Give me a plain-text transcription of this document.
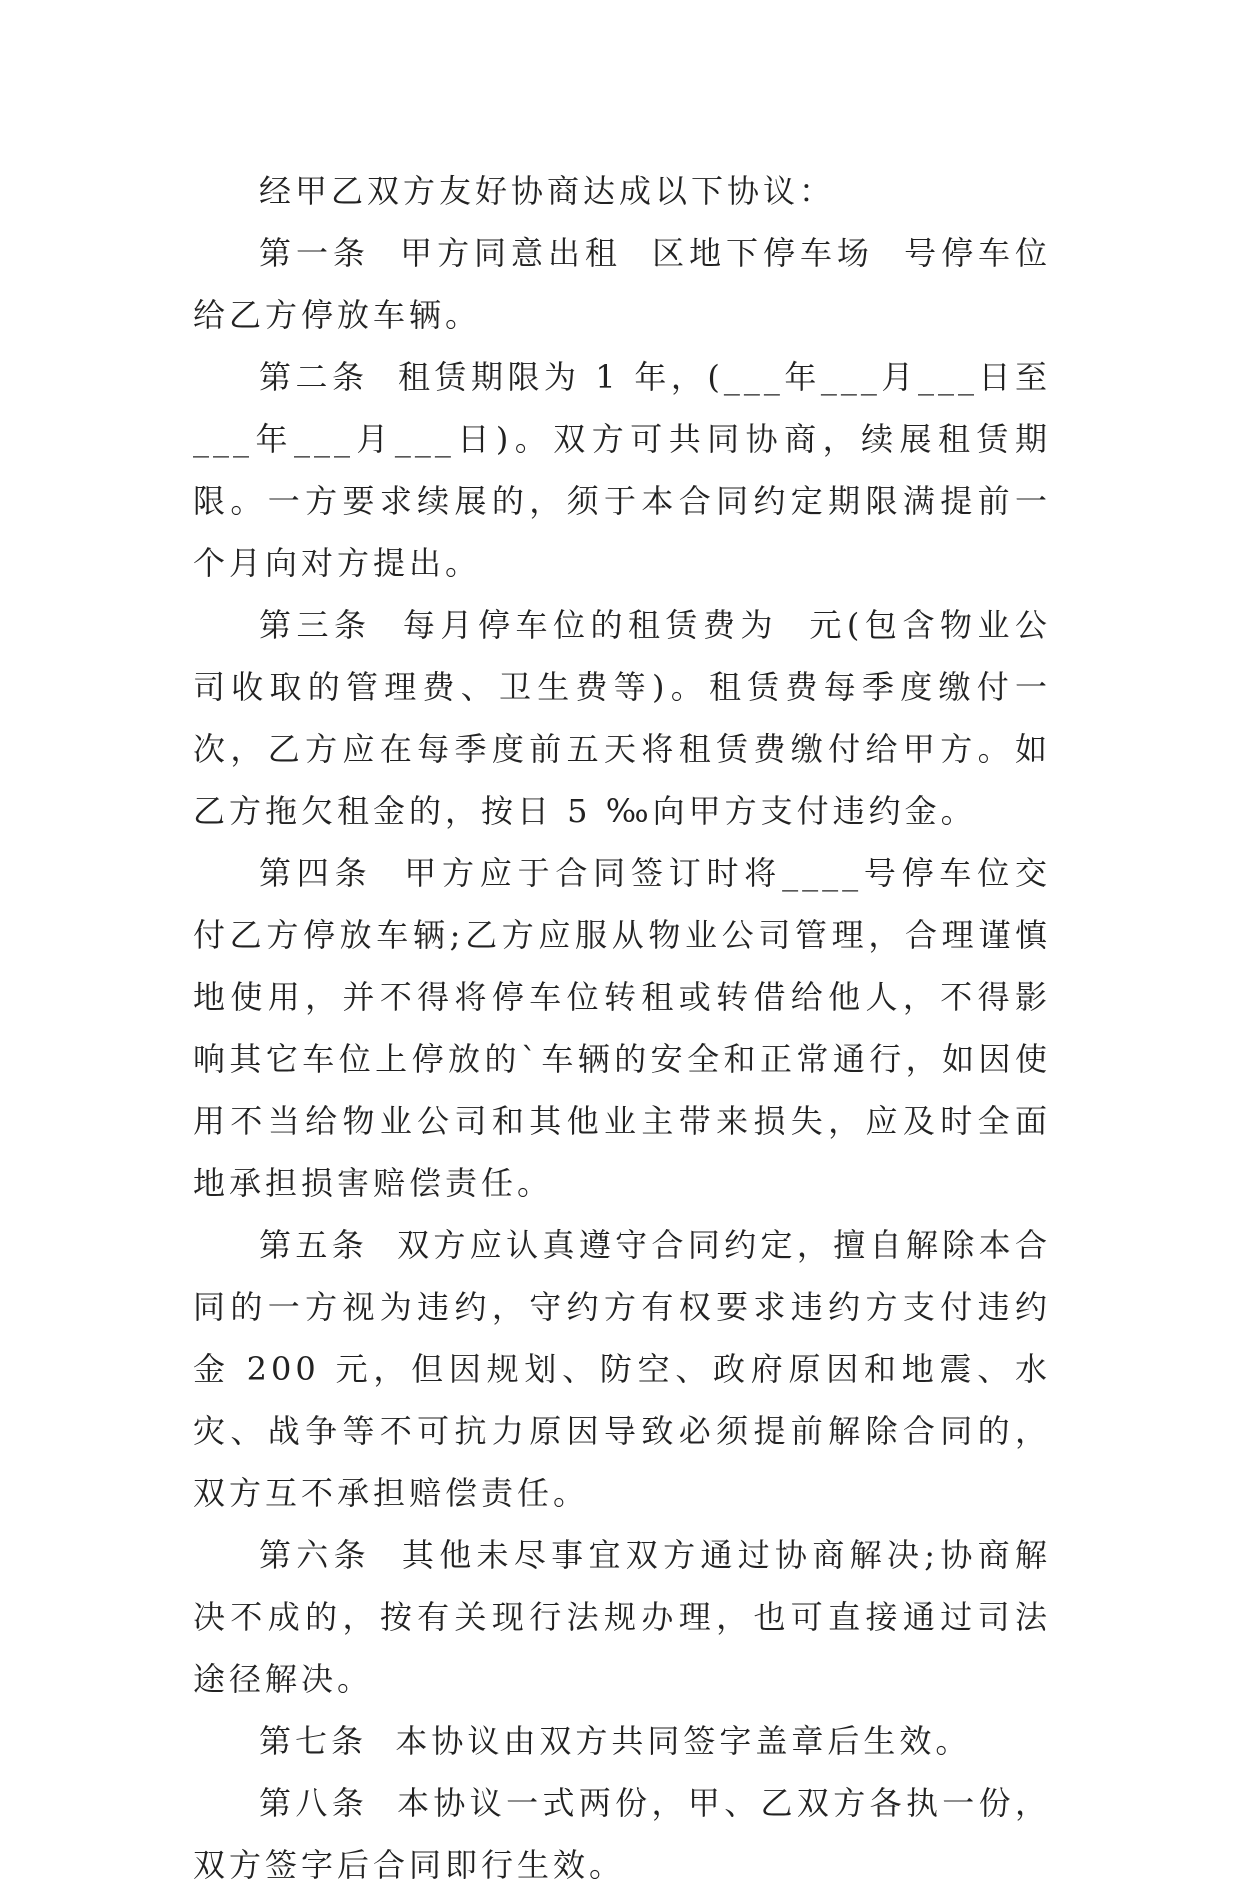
经甲乙双方友好协商达成以下协议：

第一条  甲方同意出租  区地下停车场  号停车位给乙方停放车辆。

第二条  租赁期限为 1 年，(___年___月___日至___年___月___日)。双方可共同协商，续展租赁期限。一方要求续展的，须于本合同约定期限满提前一个月向对方提出。

第三条  每月停车位的租赁费为  元(包含物业公司收取的管理费、卫生费等)。租赁费每季度缴付一次，乙方应在每季度前五天将租赁费缴付给甲方。如乙方拖欠租金的，按日 5 ‰向甲方支付违约金。

第四条  甲方应于合同签订时将____号停车位交付乙方停放车辆;乙方应服从物业公司管理，合理谨慎地使用，并不得将停车位转租或转借给他人，不得影响其它车位上停放的`车辆的安全和正常通行，如因使用不当给物业公司和其他业主带来损失，应及时全面地承担损害赔偿责任。

第五条  双方应认真遵守合同约定，擅自解除本合同的一方视为违约，守约方有权要求违约方支付违约金 200 元，但因规划、防空、政府原因和地震、水灾、战争等不可抗力原因导致必须提前解除合同的，双方互不承担赔偿责任。

第六条  其他未尽事宜双方通过协商解决;协商解决不成的，按有关现行法规办理，也可直接通过司法途径解决。

第七条  本协议由双方共同签字盖章后生效。

第八条  本协议一式两份，甲、乙双方各执一份，双方签字后合同即行生效。
